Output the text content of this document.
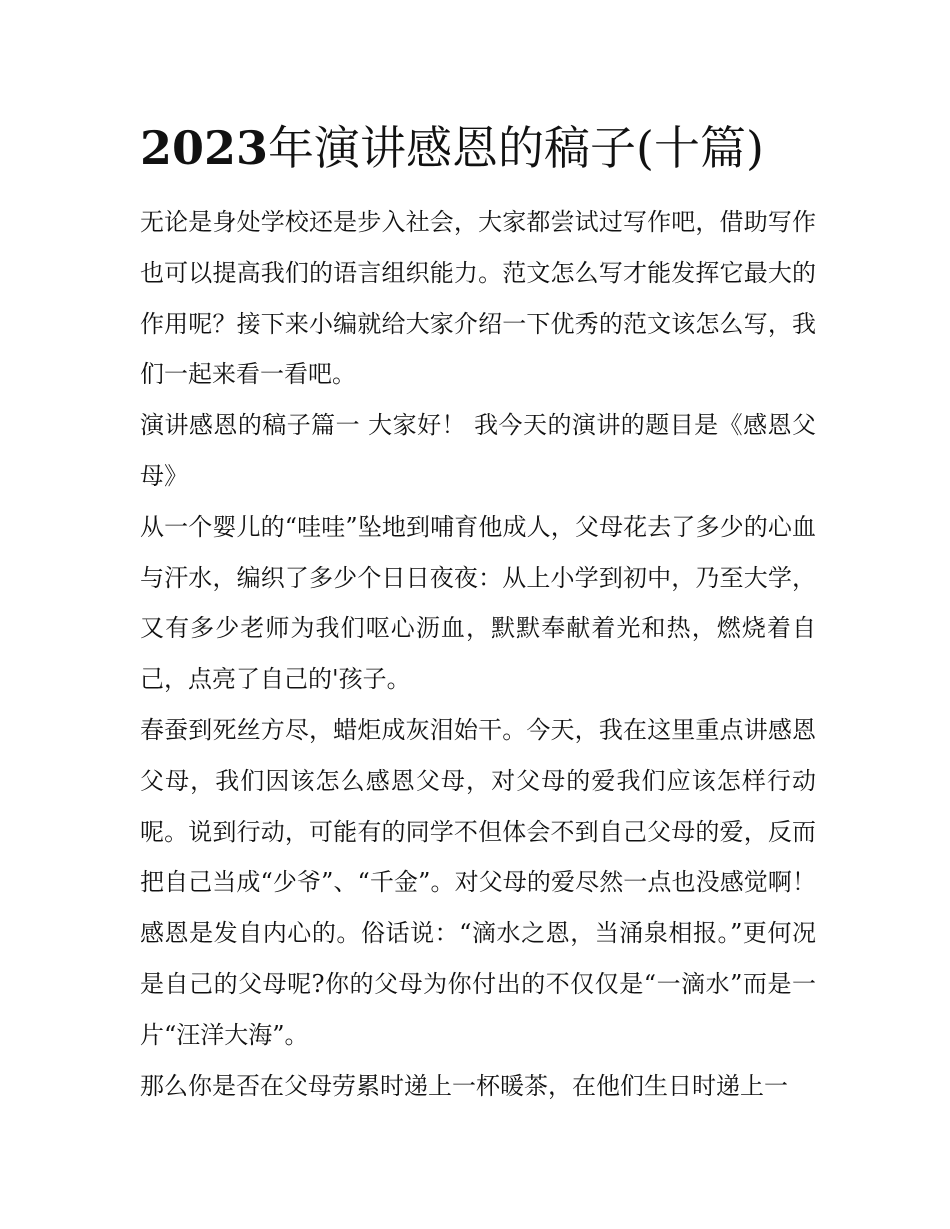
2023年演讲感恩的稿子(十篇)

无论是身处学校还是步入社会，大家都尝试过写作吧，借助写作也可以提高我们的语言组织能力。范文怎么写才能发挥它最大的作用呢？接下来小编就给大家介绍一下优秀的范文该怎么写，我们一起来看一看吧。

演讲感恩的稿子篇一 大家好！ 我今天的演讲的题目是《感恩父母》

从一个婴儿的“哇哇”坠地到哺育他成人，父母花去了多少的心血与汗水，编织了多少个日日夜夜：从上小学到初中，乃至大学，又有多少老师为我们呕心沥血，默默奉献着光和热，燃烧着自己，点亮了自己的'孩子。

春蚕到死丝方尽，蜡炬成灰泪始干。今天，我在这里重点讲感恩父母，我们因该怎么感恩父母，对父母的爱我们应该怎样行动呢。说到行动，可能有的同学不但体会不到自己父母的爱，反而把自己当成“少爷”、“千金”。对父母的爱尽然一点也没感觉啊！感恩是发自内心的。俗话说：“滴水之恩，当涌泉相报。”更何况是自己的父母呢?你的父母为你付出的不仅仅是“一滴水”而是一片“汪洋大海”。

那么你是否在父母劳累时递上一杯暖茶，在他们生日时递上一
